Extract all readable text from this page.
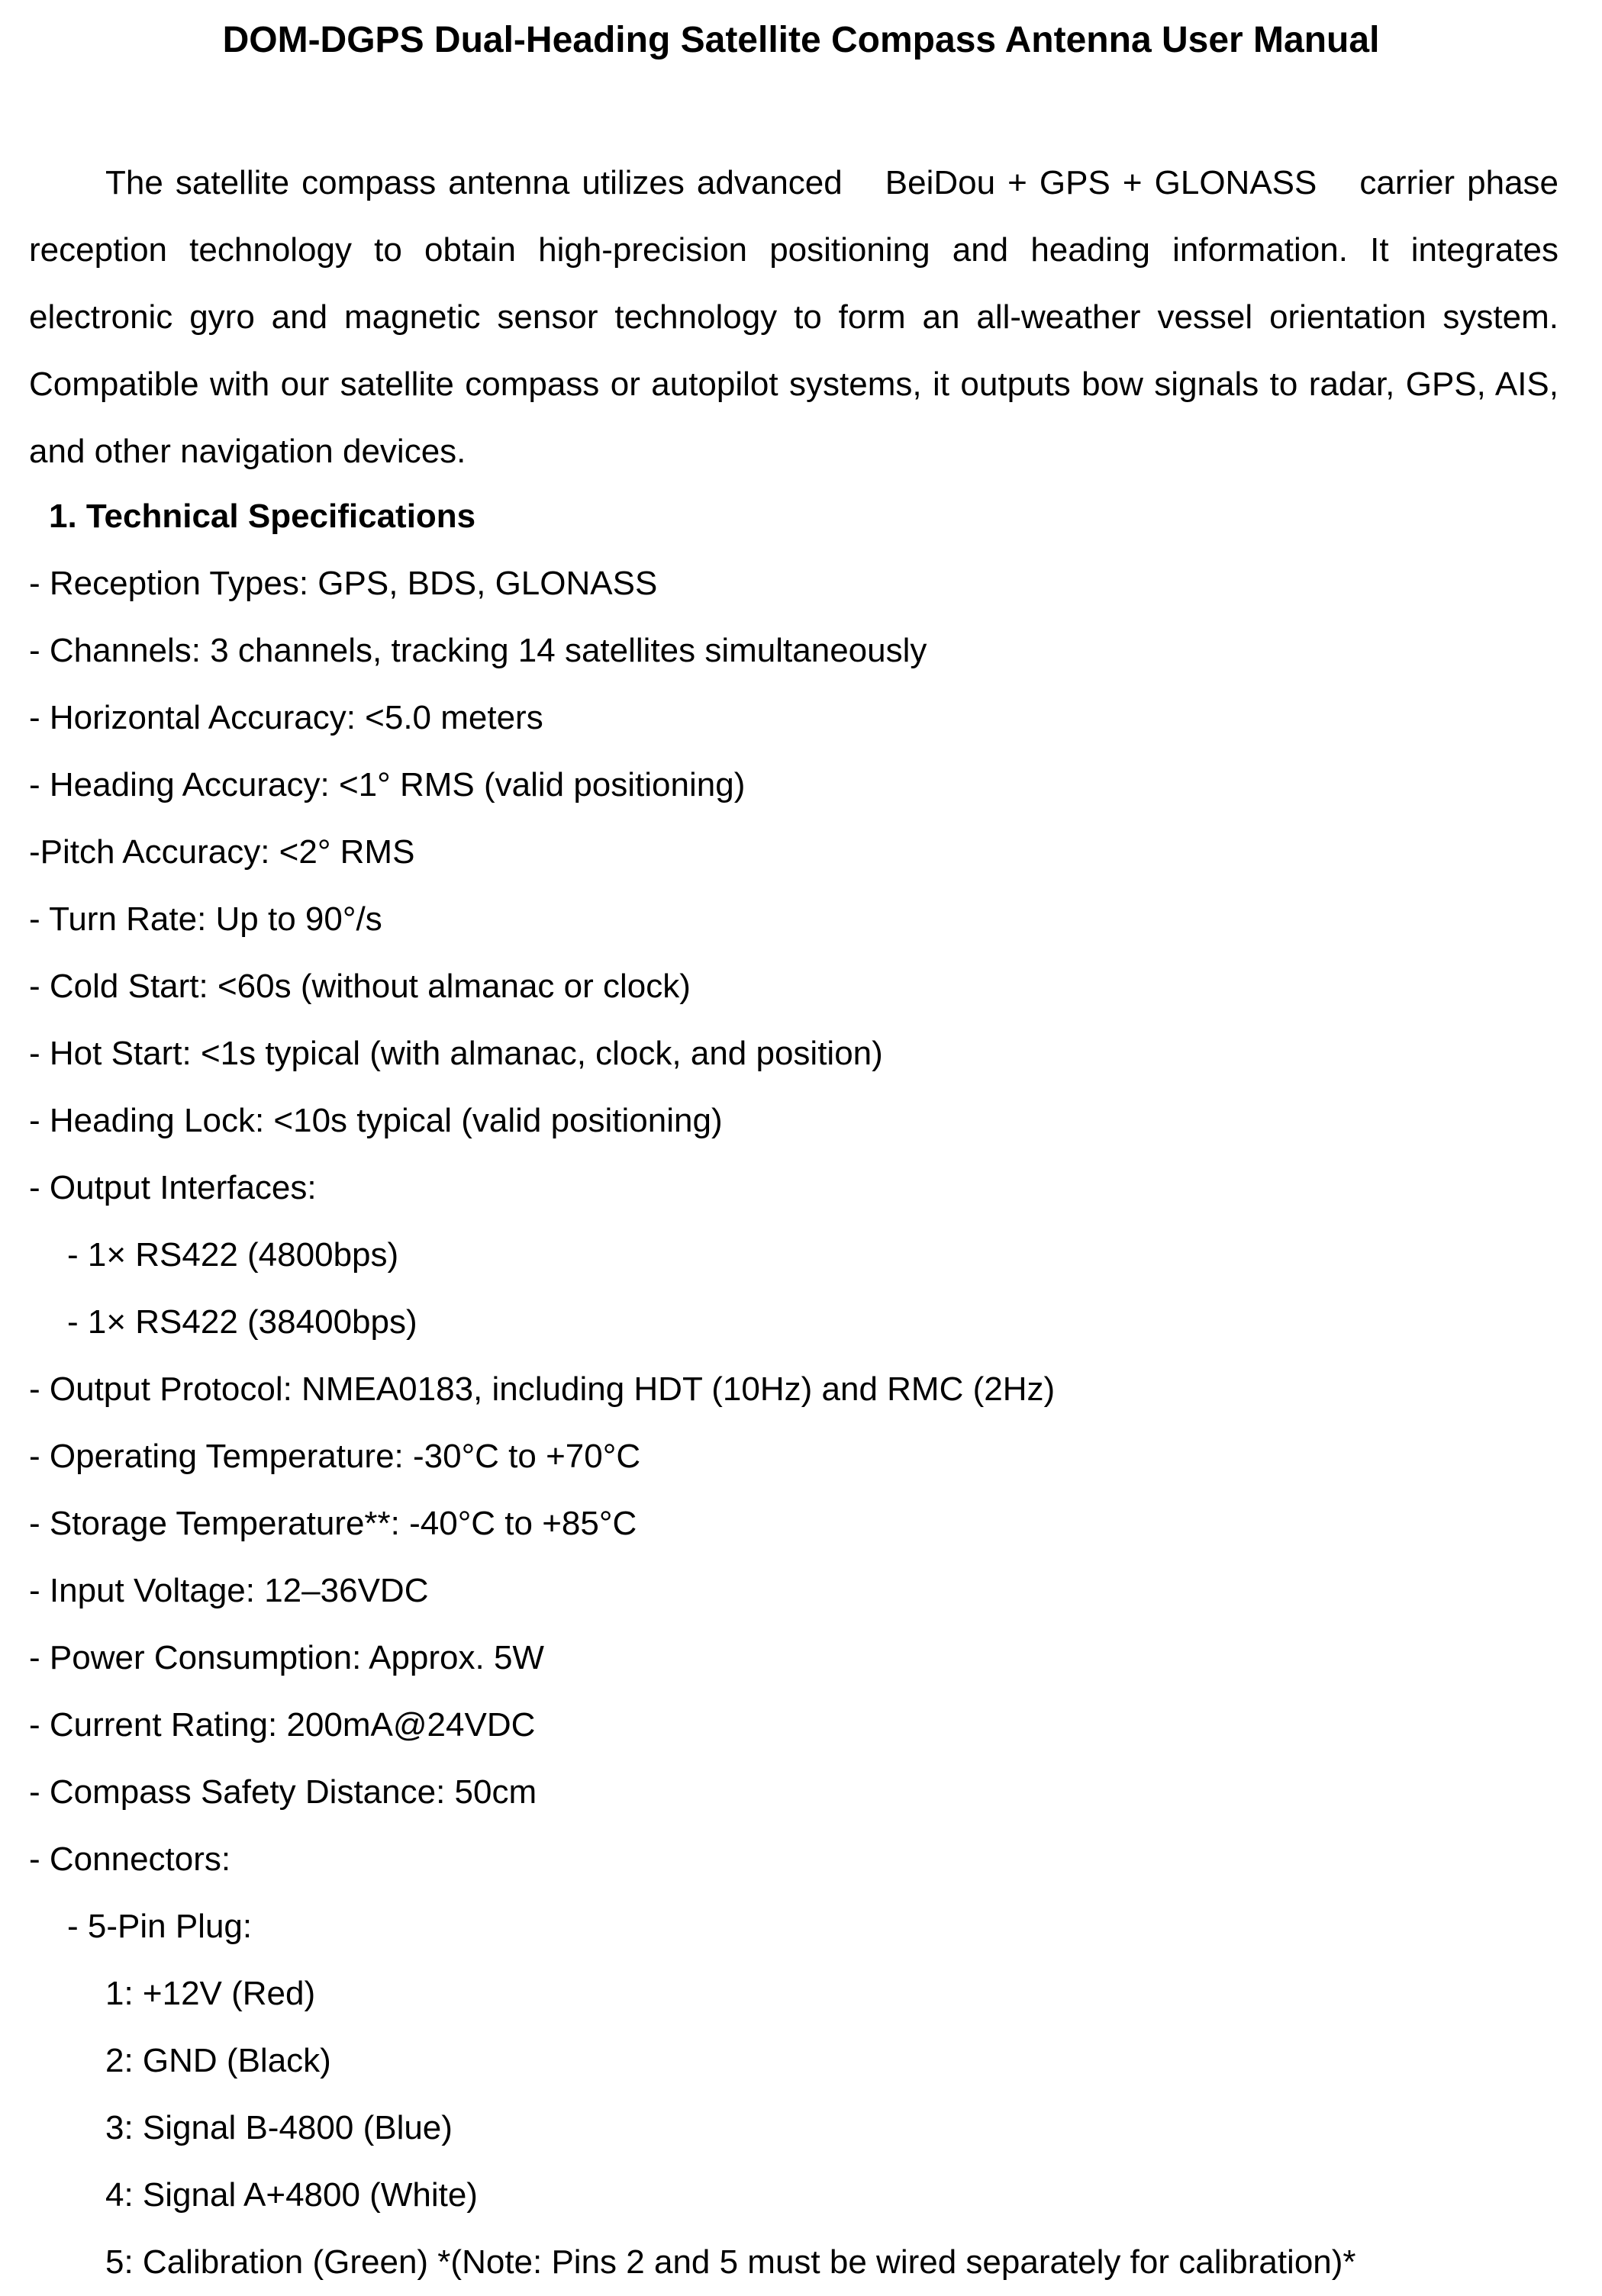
DOM-DGPS Dual-Heading Satellite Compass Antenna User Manual

The satellite compass antenna utilizes advanced BeiDou + GPS + GLONASS carrier phase reception technology to obtain high-precision positioning and heading information. It integrates electronic gyro and magnetic sensor technology to form an all-weather vessel orientation system. Compatible with our satellite compass or autopilot systems, it outputs bow signals to radar, GPS, AIS, and other navigation devices.

1. Technical Specifications
- Reception Types: GPS, BDS, GLONASS
- Channels: 3 channels, tracking 14 satellites simultaneously
- Horizontal Accuracy: <5.0 meters
- Heading Accuracy: <1° RMS (valid positioning)
-Pitch Accuracy: <2° RMS
- Turn Rate: Up to 90°/s
- Cold Start: <60s (without almanac or clock)
- Hot Start: <1s typical (with almanac, clock, and position)
- Heading Lock: <10s typical (valid positioning)
- Output Interfaces:
- 1× RS422 (4800bps)
- 1× RS422 (38400bps)
- Output Protocol: NMEA0183, including HDT (10Hz) and RMC (2Hz)
- Operating Temperature: -30°C to +70°C
- Storage Temperature**: -40°C to +85°C
- Input Voltage: 12–36VDC
- Power Consumption: Approx. 5W
- Current Rating: 200mA@24VDC
- Compass Safety Distance: 50cm
- Connectors:
- 5-Pin Plug:
1: +12V (Red)
2: GND (Black)
3: Signal B-4800 (Blue)
4: Signal A+4800 (White)
5: Calibration (Green) *(Note: Pins 2 and 5 must be wired separately for calibration)*
